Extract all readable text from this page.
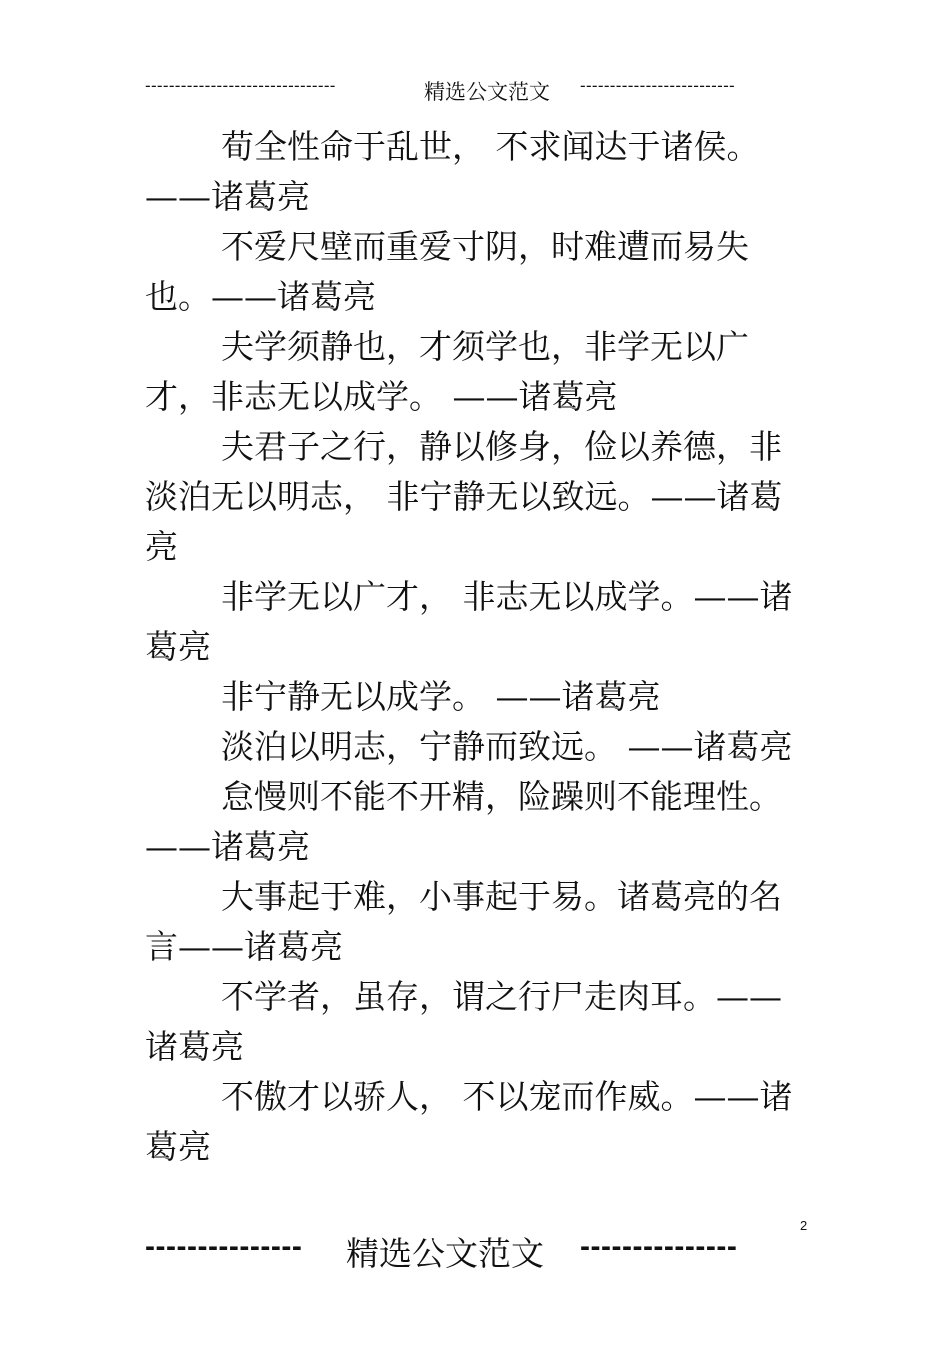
--------------------------------	精选公文范文 --------------------------

荀全性命于乱世， 不求闻达于诸侯。——诸葛亮

不爱尺壁而重爱寸阴，时难遭而易失也。——诸葛亮

夫学须静也，才须学也，非学无以广才，非志无以成学。 ——诸葛亮

夫君子之行，静以修身，俭以养德，非淡泊无以明志， 非宁静无以致远。——诸葛亮

非学无以广才， 非志无以成学。——诸葛亮

非宁静无以成学。 ——诸葛亮

淡泊以明志，宁静而致远。 ——诸葛亮

怠慢则不能不开精，险躁则不能理性。——诸葛亮

大事起于难，小事起于易。诸葛亮的名言——诸葛亮

不学者，虽存，谓之行尸走肉耳。——诸葛亮

不傲才以骄人， 不以宠而作威。——诸葛亮

2
--------------- 精选公文范文 ---------------
